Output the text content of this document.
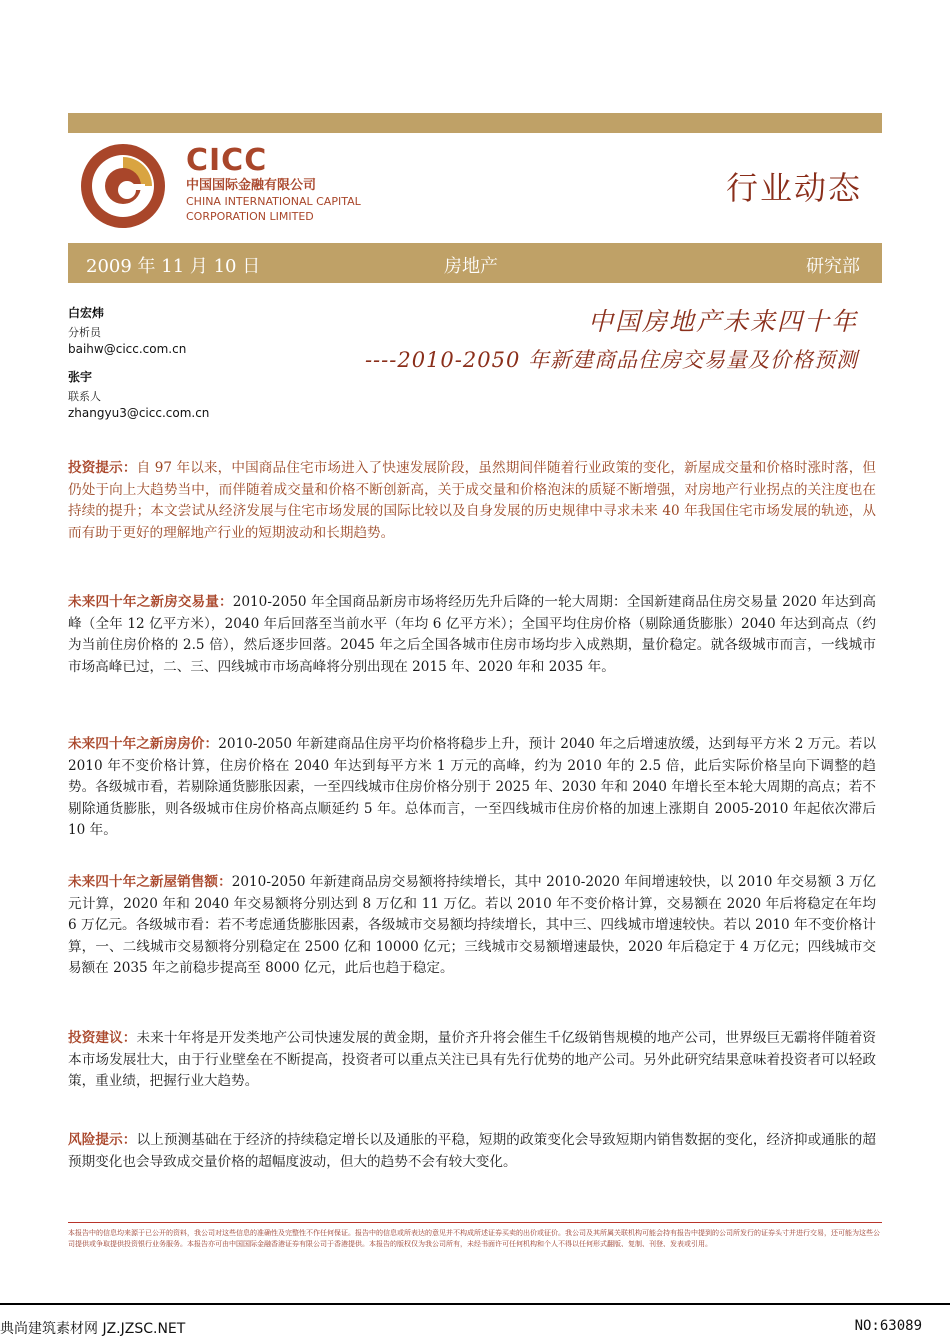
CICC
中国国际金融有限公司
CHINA INTERNATIONAL CAPITAL
CORPORATION LIMITED
行业动态
2009 年 11 月 10 日	房地产	研究部
白宏炜
分析员
baihw@cicc.com.cn
张宇
联系人
zhangyu3@cicc.com.cn
中国房地产未来四十年
----2010-2050 年新建商品住房交易量及价格预测
投资提示：自 97 年以来，中国商品住宅市场进入了快速发展阶段，虽然期间伴随着行业政策的变化，新屋成交量和价格时涨时落，但仍处于向上大趋势当中，而伴随着成交量和价格不断创新高，关于成交量和价格泡沫的质疑不断增强，对房地产行业拐点的关注度也在持续的提升；本文尝试从经济发展与住宅市场发展的国际比较以及自身发展的历史规律中寻求未来 40 年我国住宅市场发展的轨迹，从而有助于更好的理解地产行业的短期波动和长期趋势。
未来四十年之新房交易量：2010-2050 年全国商品新房市场将经历先升后降的一轮大周期：全国新建商品住房交易量 2020 年达到高峰（全年 12 亿平方米），2040 年后回落至当前水平（年均 6 亿平方米）；全国平均住房价格（剔除通货膨胀）2040 年达到高点（约为当前住房价格的 2.5 倍），然后逐步回落。2045 年之后全国各城市住房市场均步入成熟期，量价稳定。就各级城市而言，一线城市市场高峰已过，二、三、四线城市市场高峰将分别出现在 2015 年、2020 年和 2035 年。
未来四十年之新房房价：2010-2050 年新建商品住房平均价格将稳步上升，预计 2040 年之后增速放缓，达到每平方米 2 万元。若以 2010 年不变价格计算，住房价格在 2040 年达到每平方米 1 万元的高峰，约为 2010 年的 2.5 倍，此后实际价格呈向下调整的趋势。各级城市看，若剔除通货膨胀因素，一至四线城市住房价格分别于 2025 年、2030 年和 2040 年增长至本轮大周期的高点；若不剔除通货膨胀，则各级城市住房价格高点顺延约 5 年。总体而言，一至四线城市住房价格的加速上涨期自 2005-2010 年起依次滞后 10 年。
未来四十年之新屋销售额：2010-2050 年新建商品房交易额将持续增长，其中 2010-2020 年间增速较快，以 2010 年交易额 3 万亿元计算，2020 年和 2040 年交易额将分别达到 8 万亿和 11 万亿。若以 2010 年不变价格计算，交易额在 2020 年后将稳定在年均 6 万亿元。各级城市看：若不考虑通货膨胀因素，各级城市交易额均持续增长，其中三、四线城市增速较快。若以 2010 年不变价格计算，一、二线城市交易额将分别稳定在 2500 亿和 10000 亿元；三线城市交易额增速最快，2020 年后稳定于 4 万亿元；四线城市交易额在 2035 年之前稳步提高至 8000 亿元，此后也趋于稳定。
投资建议：未来十年将是开发类地产公司快速发展的黄金期，量价齐升将会催生千亿级销售规模的地产公司，世界级巨无霸将伴随着资本市场发展壮大，由于行业壁垒在不断提高，投资者可以重点关注已具有先行优势的地产公司。另外此研究结果意味着投资者可以轻政策，重业绩，把握行业大趋势。
风险提示：以上预测基础在于经济的持续稳定增长以及通胀的平稳，短期的政策变化会导致短期内销售数据的变化，经济抑或通胀的超预期变化也会导致成交量价格的超幅度波动，但大的趋势不会有较大变化。
本报告中的信息均来源于已公开的资料，我公司对这些信息的准确性及完整性不作任何保证。报告中的信息或所表达的意见并不构成所述证券买卖的出价或征价。我公司及其所属关联机构可能会持有报告中提到的公司所发行的证券头寸并进行交易，还可能为这些公司提供或争取提供投资银行业务服务。本报告亦可由中国国际金融香港证券有限公司于香港提供。本报告的版权仅为我公司所有，未经书面许可任何机构和个人不得以任何形式翻版、复制、刊登、发表或引用。
典尚建筑素材网 JZ.JZSC.NET	NO:63089
